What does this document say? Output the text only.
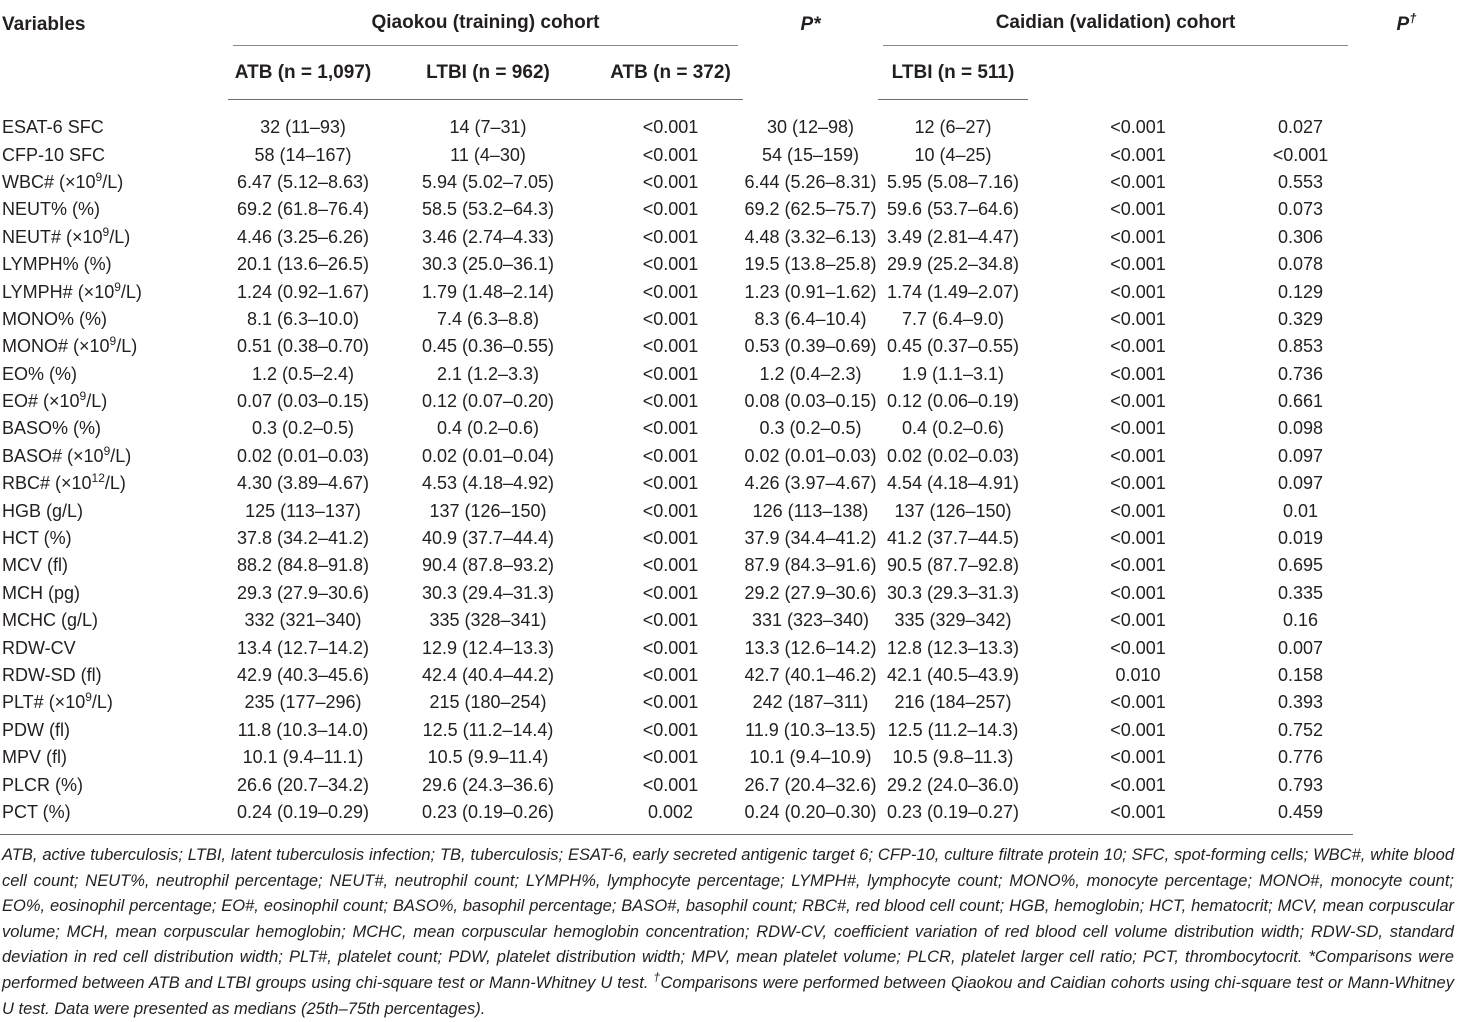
Variables	Qiaokou (training) cohort			P*	Caidian (validation) cohort			P†
	ATB (n = 1,097)	LTBI (n = 962)	ATB (n = 372)		LTBI (n = 511)			
ESAT-6 SFC	32 (11–93)	14 (7–31)	<0.001	30 (12–98)	12 (6–27)	<0.001	0.027	
CFP-10 SFC	58 (14–167)	11 (4–30)	<0.001	54 (15–159)	10 (4–25)	<0.001	<0.001	
WBC# $(\times 10^9/L)$	6.47 (5.12–8.63)	5.94 (5.02–7.05)	<0.001	6.44 (5.26–8.31)	5.95 (5.08–7.16)	<0.001	0.553	
NEUT% (%)	69.2 (61.8–76.4)	58.5 (53.2–64.3)	<0.001	69.2 (62.5–75.7)	59.6 (53.7–64.6)	<0.001	0.073	
NEUT# $(\times 10^9/L)$	4.46 (3.25–6.26)	3.46 (2.74–4.33)	<0.001	4.48 (3.32–6.13)	3.49 (2.81–4.47)	<0.001	0.306	
LYMPH% (%)	20.1 (13.6–26.5)	30.3 (25.0–36.1)	<0.001	19.5 (13.8–25.8)	29.9 (25.2–34.8)	<0.001	0.078	
LYMPH# $(\times 10^9/L)$	1.24 (0.92–1.67)	1.79 (1.48–2.14)	<0.001	1.23 (0.91–1.62)	1.74 (1.49–2.07)	<0.001	0.129	
MONO% (%)	8.1 (6.3–10.0)	7.4 (6.3–8.8)	<0.001	8.3 (6.4–10.4)	7.7 (6.4–9.0)	<0.001	0.329	
MONO# $(\times 10^9/L)$	0.51 (0.38–0.70)	0.45 (0.36–0.55)	<0.001	0.53 (0.39–0.69)	0.45 (0.37–0.55)	<0.001	0.853	
EO% (%)	1.2 (0.5–2.4)	2.1 (1.2–3.3)	<0.001	1.2 (0.4–2.3)	1.9 (1.1–3.1)	<0.001	0.736	
EO# $(\times 10^9/L)$	0.07 (0.03–0.15)	0.12 (0.07–0.20)	<0.001	0.08 (0.03–0.15)	0.12 (0.06–0.19)	<0.001	0.661	
BASO% (%)	0.3 (0.2–0.5)	0.4 (0.2–0.6)	<0.001	0.3 (0.2–0.5)	0.4 (0.2–0.6)	<0.001	0.098	
BASO# $(\times 10^9/L)$	0.02 (0.01–0.03)	0.02 (0.01–0.04)	<0.001	0.02 (0.01–0.03)	0.02 (0.02–0.03)	<0.001	0.097	
RBC# $(\times 10^{12}/L)$	4.30 (3.89–4.67)	4.53 (4.18–4.92)	<0.001	4.26 (3.97–4.67)	4.54 (4.18–4.91)	<0.001	0.097	
HGB (g/L)	125 (113–137)	137 (126–150)	<0.001	126 (113–138)	137 (126–150)	<0.001	0.01	
HCT (%)	37.8 (34.2–41.2)	40.9 (37.7–44.4)	<0.001	37.9 (34.4–41.2)	41.2 (37.7–44.5)	<0.001	0.019	
MCV (fl)	88.2 (84.8–91.8)	90.4 (87.8–93.2)	<0.001	87.9 (84.3–91.6)	90.5 (87.7–92.8)	<0.001	0.695	
MCH (pg)	29.3 (27.9–30.6)	30.3 (29.4–31.3)	<0.001	29.2 (27.9–30.6)	30.3 (29.3–31.3)	<0.001	0.335	
MCHC (g/L)	332 (321–340)	335 (328–341)	<0.001	331 (323–340)	335 (329–342)	<0.001	0.16	
RDW-CV	13.4 (12.7–14.2)	12.9 (12.4–13.3)	<0.001	13.3 (12.6–14.2)	12.8 (12.3–13.3)	<0.001	0.007	
RDW-SD (fl)	42.9 (40.3–45.6)	42.4 (40.4–44.2)	<0.001	42.7 (40.1–46.2)	42.1 (40.5–43.9)	0.010	0.158	
PLT# $(\times 10^9/L)$	235 (177–296)	215 (180–254)	<0.001	242 (187–311)	216 (184–257)	<0.001	0.393	
PDW (fl)	11.8 (10.3–14.0)	12.5 (11.2–14.4)	<0.001	11.9 (10.3–13.5)	12.5 (11.2–14.3)	<0.001	0.752	
MPV (fl)	10.1 (9.4–11.1)	10.5 (9.9–11.4)	<0.001	10.1 (9.4–10.9)	10.5 (9.8–11.3)	<0.001	0.776	
PLCR (%)	26.6 (20.7–34.2)	29.6 (24.3–36.6)	<0.001	26.7 (20.4–32.6)	29.2 (24.0–36.0)	<0.001	0.793	
PCT (%)	0.24 (0.19–0.29)	0.23 (0.19–0.26)	0.002	0.24 (0.20–0.30)	0.23 (0.19–0.27)	<0.001	0.459	
ATB, active tuberculosis; LTBI, latent tuberculosis infection; TB, tuberculosis; ESAT-6, early secreted antigenic target 6; CFP-10, culture filtrate protein 10; SFC, spot-forming cells; WBC#, white blood cell count; NEUT%, neutrophil percentage; NEUT#, neutrophil count; LYMPH%, lymphocyte percentage; LYMPH#, lymphocyte count; MONO%, monocyte percentage; MONO#, monocyte count; EO%, eosinophil percentage; EO#, eosinophil count; BASO%, basophil percentage; BASO#, basophil count; RBC#, red blood cell count; HGB, hemoglobin; HCT, hematocrit; MCV, mean corpuscular volume; MCH, mean corpuscular hemoglobin; MCHC, mean corpuscular hemoglobin concentration; RDW-CV, coefficient variation of red blood cell volume distribution width; RDW-SD, standard deviation in red cell distribution width; PLT#, platelet count; PDW, platelet distribution width; MPV, mean platelet volume; PLCR, platelet larger cell ratio; PCT, thrombocytocrit. *Comparisons were performed between ATB and LTBI groups using chi-square test or Mann-Whitney U test. †Comparisons were performed between Qiaokou and Caidian cohorts using chi-square test or Mann-Whitney U test. Data were presented as medians (25th–75th percentages).
